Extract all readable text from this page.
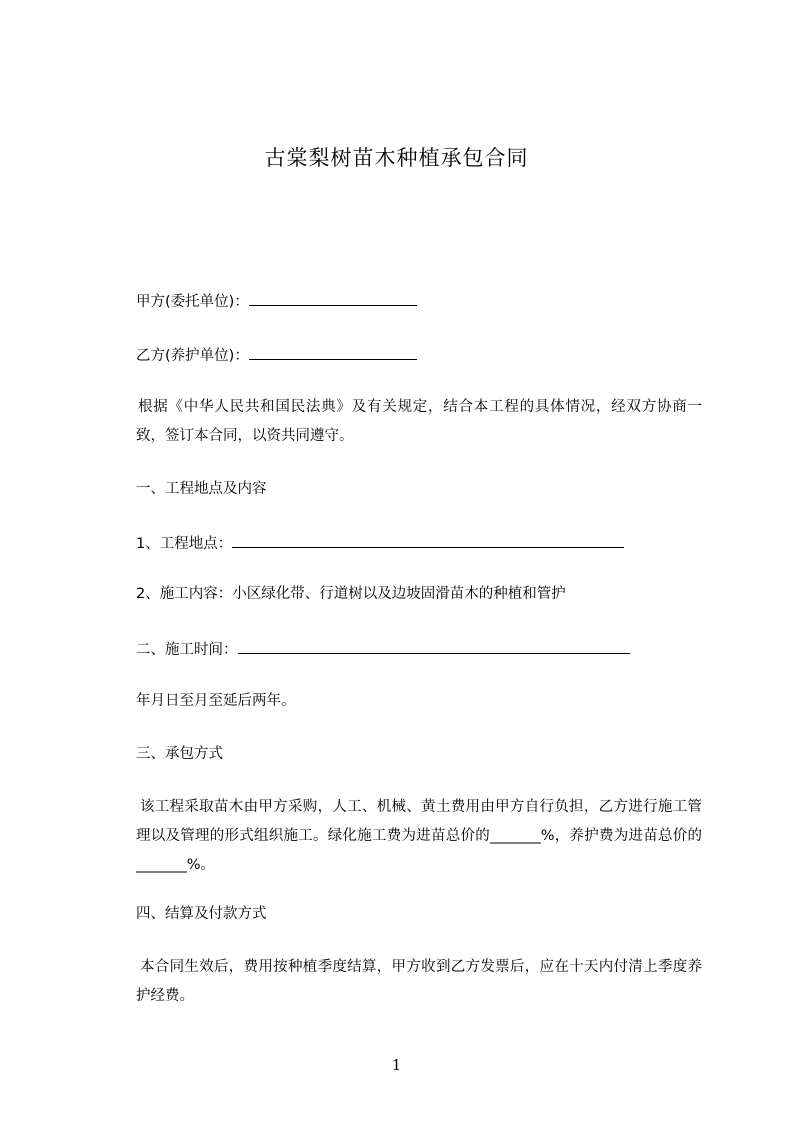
古棠梨树苗木种植承包合同
甲方(委托单位)：
乙方(养护单位)：
根据《中华人民共和国民法典》及有关规定，结合本工程的具体情况，经双方协商一致，签订本合同，以资共同遵守。
一、工程地点及内容
1、工程地点：
2、施工内容：小区绿化带、行道树以及边坡固滑苗木的种植和管护
二、施工时间：
年月日至月至延后两年。
三、承包方式
该工程采取苗木由甲方采购，人工、机械、黄土费用由甲方自行负担，乙方进行施工管理以及管理的形式组织施工。绿化施工费为进苗总价的_______%，养护费为进苗总价的_______%。
四、结算及付款方式
本合同生效后，费用按种植季度结算，甲方收到乙方发票后，应在十天内付清上季度养护经费。
1
